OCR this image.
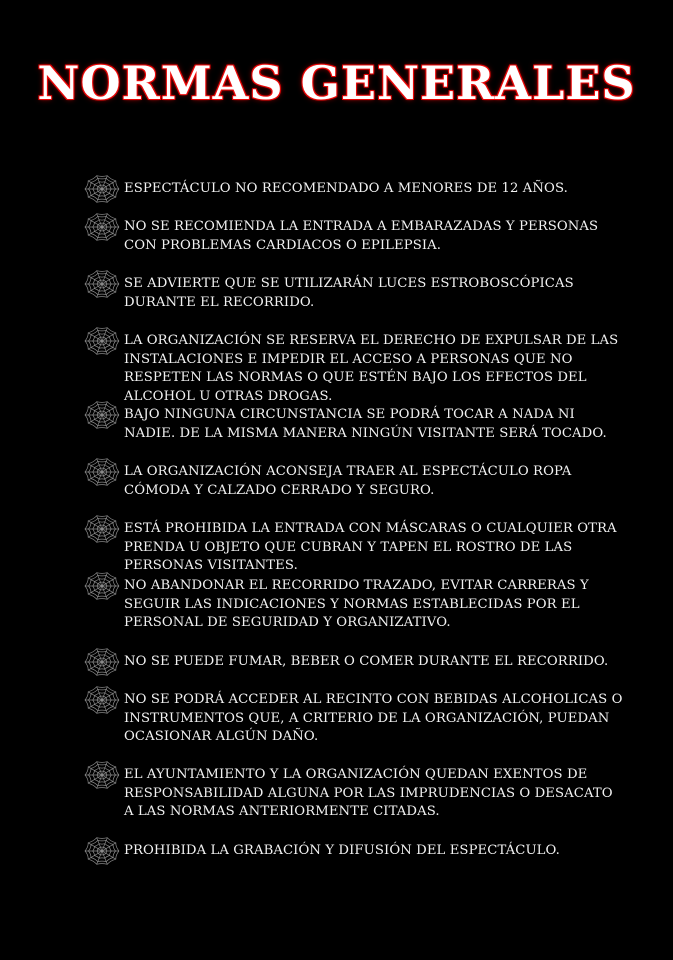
NORMAS GENERALES
ESPECTÁCULO NO RECOMENDADO A MENORES DE 12 AÑOS.
NO SE RECOMIENDA LA ENTRADA A EMBARAZADAS Y PERSONAS CON PROBLEMAS CARDIACOS O EPILEPSIA.
SE ADVIERTE QUE SE UTILIZARÁN LUCES ESTROBOSCÓPICAS DURANTE EL RECORRIDO.
LA ORGANIZACIÓN SE RESERVA EL DERECHO DE EXPULSAR DE LAS INSTALACIONES E IMPEDIR EL ACCESO A PERSONAS QUE NO RESPETEN LAS NORMAS O QUE ESTÉN BAJO LOS EFECTOS DEL ALCOHOL U OTRAS DROGAS.
BAJO NINGUNA CIRCUNSTANCIA SE PODRÁ TOCAR A NADA NI NADIE. DE LA MISMA MANERA NINGÚN VISITANTE SERÁ TOCADO.
LA ORGANIZACIÓN ACONSEJA TRAER AL ESPECTÁCULO ROPA CÓMODA Y CALZADO CERRADO Y SEGURO.
ESTÁ PROHIBIDA LA ENTRADA CON MÁSCARAS O CUALQUIER OTRA PRENDA U OBJETO QUE CUBRAN Y TAPEN EL ROSTRO DE LAS PERSONAS VISITANTES.
NO ABANDONAR EL RECORRIDO TRAZADO, EVITAR CARRERAS Y SEGUIR LAS INDICACIONES Y NORMAS ESTABLECIDAS POR EL PERSONAL DE SEGURIDAD Y ORGANIZATIVO.
NO SE PUEDE FUMAR, BEBER O COMER DURANTE EL RECORRIDO.
NO SE PODRÁ ACCEDER AL RECINTO CON BEBIDAS ALCOHOLICAS O INSTRUMENTOS QUE, A CRITERIO DE LA ORGANIZACIÓN, PUEDAN OCASIONAR ALGÚN DAÑO.
EL AYUNTAMIENTO Y LA ORGANIZACIÓN QUEDAN EXENTOS DE RESPONSABILIDAD ALGUNA POR LAS IMPRUDENCIAS O DESACATO A LAS NORMAS ANTERIORMENTE CITADAS.
PROHIBIDA LA GRABACIÓN Y DIFUSIÓN DEL ESPECTÁCULO.
